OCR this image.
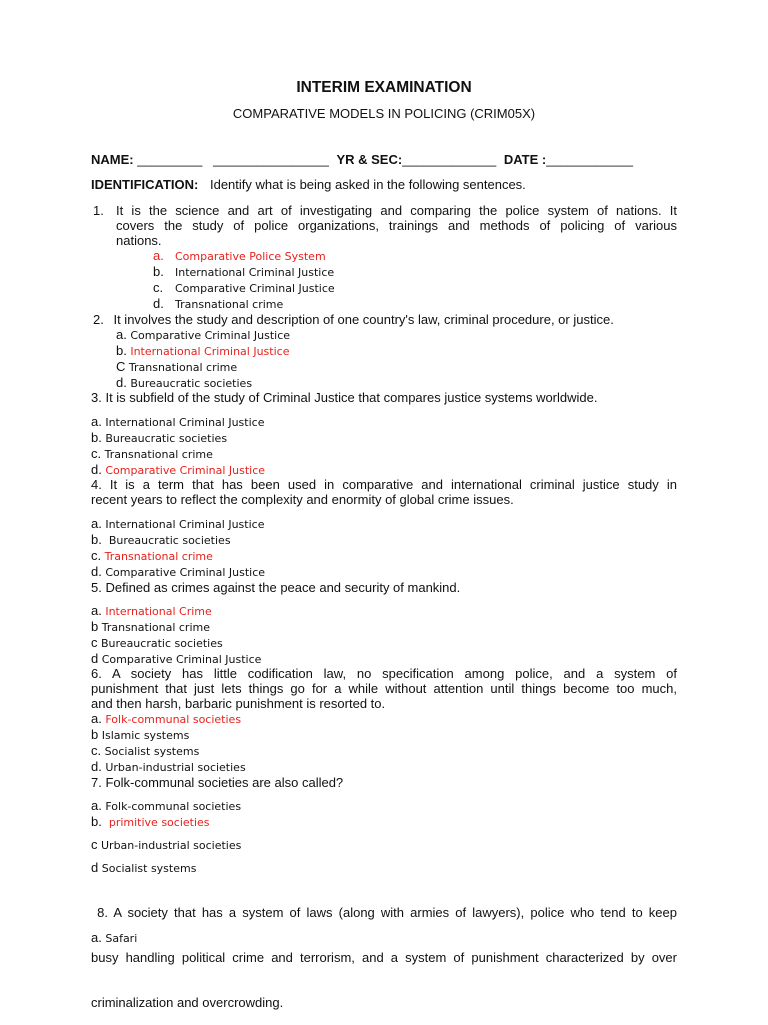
INTERIM EXAMINATION
COMPARATIVE MODELS IN POLICING (CRIM05X)
NAME: _________   ________________ YR & SEC:_____________ DATE :____________
IDENTIFICATION: Identify what is being asked in the following sentences.
1. It is the science and art of investigating and comparing the police system of nations. It
covers the study of police organizations, trainings and methods of policing of various
nations.
a. Comparative Police System
b. International Criminal Justice
c. Comparative Criminal Justice
d. Transnational crime
2. It involves the study and description of one country's law, criminal procedure, or justice.
a. Comparative Criminal Justice
b. International Criminal Justice
C Transnational crime
d. Bureaucratic societies
3. It is subfield of the study of Criminal Justice that compares justice systems worldwide.
a. International Criminal Justice
b. Bureaucratic societies
c. Transnational crime
d. Comparative Criminal Justice
4. It is a term that has been used in comparative and international criminal justice study in
recent years to reflect the complexity and enormity of global crime issues.
a. International Criminal Justice
b. Bureaucratic societies
c. Transnational crime
d. Comparative Criminal Justice
5. Defined as crimes against the peace and security of mankind.
a. International Crime
b Transnational crime
c Bureaucratic societies
d Comparative Criminal Justice
6. A society has little codification law, no specification among police, and a system of
punishment that just lets things go for a while without attention until things become too much,
and then harsh, barbaric punishment is resorted to.
a. Folk-communal societies
b Islamic systems
c. Socialist systems
d. Urban-industrial societies
7. Folk-communal societies are also called?
a. Folk-communal societies
b. primitive societies
c Urban-industrial societies
d Socialist systems

8. A society that has a system of laws (along with armies of lawyers), police who tend to keep

busy handling political crime and terrorism, and a system of punishment characterized by over

criminalization and overcrowding.

a. Safari
